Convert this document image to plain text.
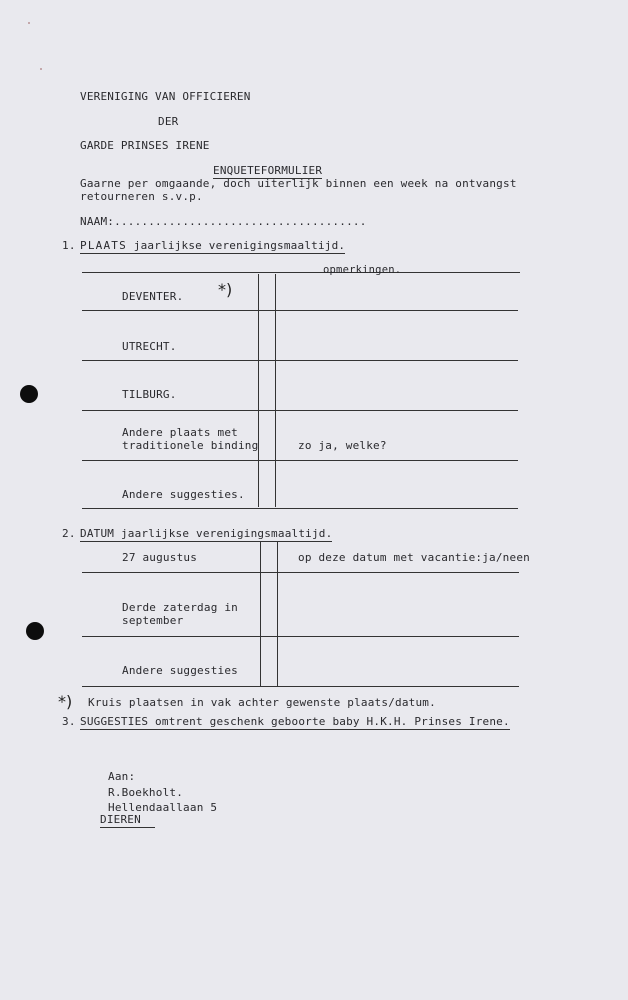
VERENIGING VAN OFFICIEREN
DER
GARDE PRINSES IRENE
ENQUETEFORMULIER
Gaarne per omgaande, doch uiterlijk binnen een week na ontvangst
retourneren s.v.p.
NAAM:.....................................
1. PLAATS jaarlijkse verenigingsmaaltijd.
opmerkingen.
DEVENTER. *)
UTRECHT.
TILBURG.
Andere plaats met
traditionele binding	zo ja, welke?
Andere suggesties.
2. DATUM jaarlijkse verenigingsmaaltijd.
27 augustus	op deze datum met vacantie:ja/neen
Derde zaterdag in
september
Andere suggesties
*) Kruis plaatsen in vak achter gewenste plaats/datum.
3. SUGGESTIES omtrent geschenk geboorte baby H.K.H. Prinses Irene.
Aan:
R.Boekholt.
Hellendaallaan 5
DIEREN
